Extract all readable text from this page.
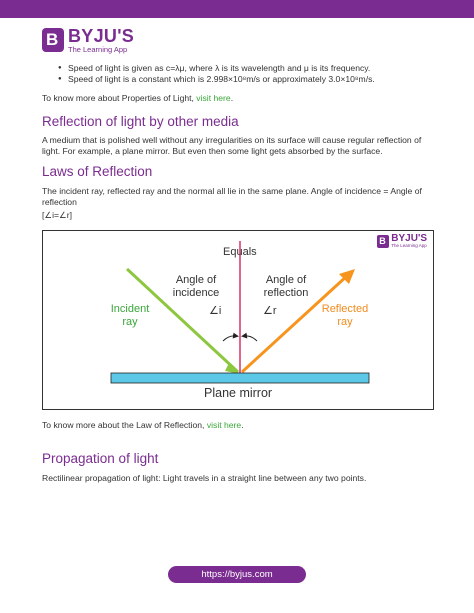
B BYJU'S
The Learning App
● Speed of light is given as c=λμ, where λ is its wavelength and μ is its frequency.
● Speed of light is a constant which is 2.998×10⁸m/s or approximately 3.0×10⁸m/s.

To know more about Properties of Light, visit here.

Reflection of light by other media

A medium that is polished well without any irregularities on its surface will cause regular reflection of light. For example, a plane mirror. But even then some light gets absorbed by the surface.

Laws of Reflection

The incident ray, reflected ray and the normal all lie in the same plane. Angle of incidence = Angle of reflection

[∠i=∠r]

B BYJU'S
The Learning App
Equals
Angle of
incidence
Angle of
reflection
Incident
ray
Reflected
ray
∠i	∠r
Plane mirror

To know more about the Law of Reflection, visit here.

Propagation of light

Rectilinear propagation of light: Light travels in a straight line between any two points.

https://byjus.com
